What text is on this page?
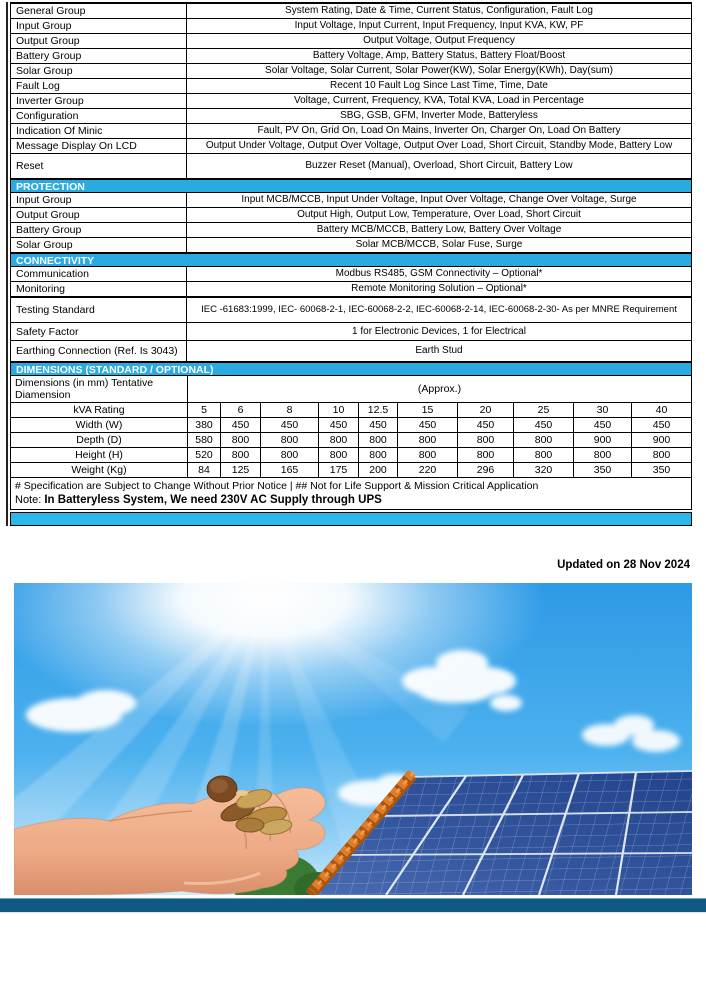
General Group	System Rating, Date & Time, Current Status, Configuration, Fault Log
Input Group	Input Voltage, Input Current, Input Frequency, Input KVA, KW, PF
Output Group	Output Voltage, Output Frequency
Battery Group	Battery Voltage, Amp, Battery Status, Battery Float/Boost
Solar Group	Solar Voltage, Solar Current, Solar Power(KW), Solar Energy(KWh), Day(sum)
Fault Log	Recent 10 Fault Log Since Last Time, Time, Date
Inverter Group	Voltage, Current, Frequency, KVA, Total KVA, Load in Percentage
Configuration	SBG, GSB, GFM, Inverter Mode, Batteryless
Indication Of Minic	Fault, PV On, Grid On, Load On Mains, Inverter On, Charger On, Load On Battery
Message Display On LCD	Output Under Voltage, Output Over Voltage, Output Over Load, Short Circuit, Standby Mode, Battery Low
Reset	Buzzer Reset (Manual), Overload, Short Circuit, Battery Low
PROTECTION
Input Group	Input MCB/MCCB, Input Under Voltage, Input Over Voltage, Change Over Voltage, Surge
Output Group	Output High, Output Low, Temperature, Over Load, Short Circuit
Battery Group	Battery MCB/MCCB, Battery Low, Battery Over Voltage
Solar Group	Solar MCB/MCCB, Solar Fuse, Surge
CONNECTIVITY
Communication	Modbus RS485, GSM Connectivity – Optional*
Monitoring	Remote Monitoring Solution – Optional*
Testing Standard	IEC -61683:1999, IEC- 60068-2-1, IEC-60068-2-2, IEC-60068-2-14, IEC-60068-2-30- As per MNRE Requirement
Safety Factor	1 for Electronic Devices, 1 for Electrical
Earthing Connection (Ref. Is 3043)	Earth Stud
DIMENSIONS (STANDARD / OPTIONAL)
Dimensions (in mm) Tentative Diamension	(Approx.)									
kVA Rating	5	6	8	10	12.5	15	20	25	30	40
Width (W)	380	450	450	450	450	450	450	450	450	450
Depth (D)	580	800	800	800	800	800	800	800	900	900
Height (H)	520	800	800	800	800	800	800	800	800	800
Weight (Kg)	84	125	165	175	200	220	296	320	350	350
# Specification are Subject to Change Without Prior Notice | ## Not for Life Support & Mission Critical Application
Note: In Batteryless System, We need 230V AC Supply through UPS
Updated on 28 Nov 2024
